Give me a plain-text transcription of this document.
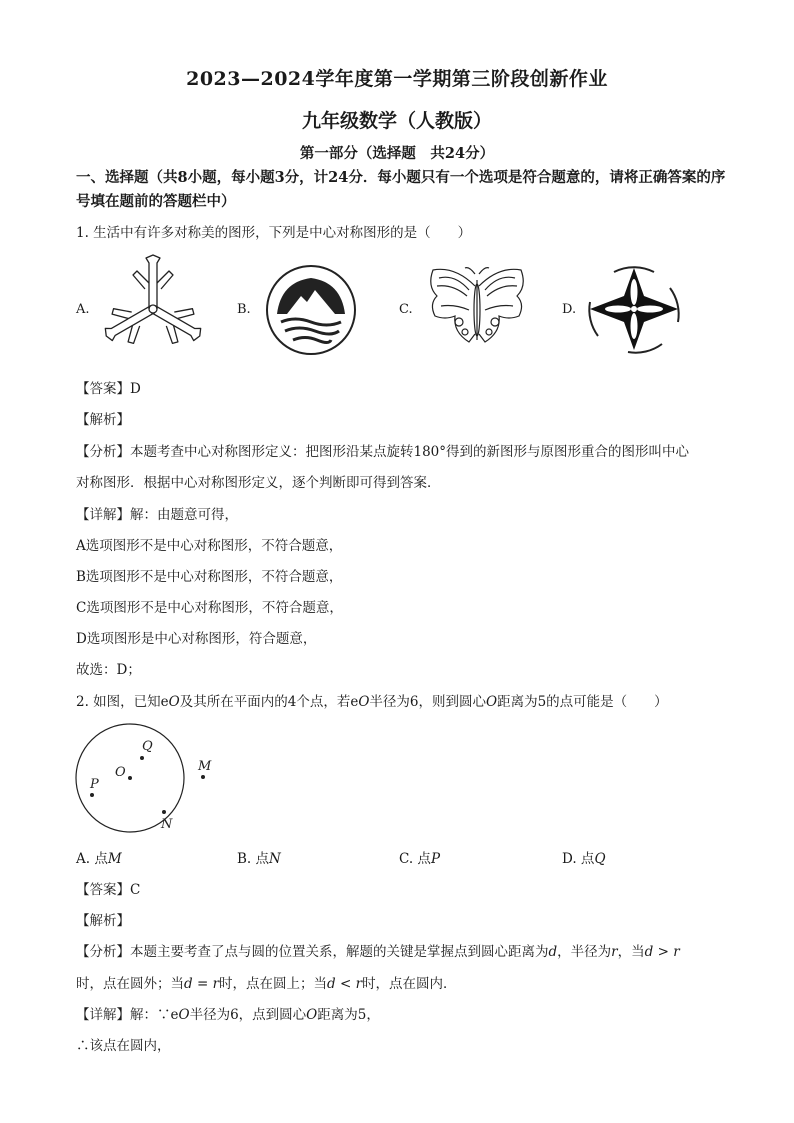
2023—2024学年度第一学期第三阶段创新作业
九年级数学（人教版）
第一部分（选择题　共24分）
一、选择题（共8小题，每小题3分，计24分．每小题只有一个选项是符合题意的，请将正确答案的序号填在题前的答题栏中）
1. 生活中有许多对称美的图形，下列是中心对称图形的是（　　）
A.	B.	C.	D.
【答案】D
【解析】
【分析】本题考查中心对称图形定义：把图形沿某点旋转180°得到的新图形与原图形重合的图形叫中心
对称图形．根据中心对称图形定义，逐个判断即可得到答案．
【详解】解：由题意可得，
A选项图形不是中心对称图形，不符合题意，
B选项图形不是中心对称图形，不符合题意，
C选项图形不是中心对称图形，不符合题意，
D选项图形是中心对称图形，符合题意，
故选：D；
2. 如图，已知eO及其所在平面内的4个点，若eO半径为6，则到圆心O距离为5的点可能是（　　）
Q
O
P
M
N
A. 点M	B. 点N	C. 点P	D. 点Q
【答案】C
【解析】
【分析】本题主要考查了点与圆的位置关系，解题的关键是掌握点到圆心距离为d，半径为r，当d > r
时，点在圆外；当d = r时，点在圆上；当d < r时，点在圆内．
【详解】解：∵eO半径为6，点到圆心O距离为5，
∴该点在圆内，
